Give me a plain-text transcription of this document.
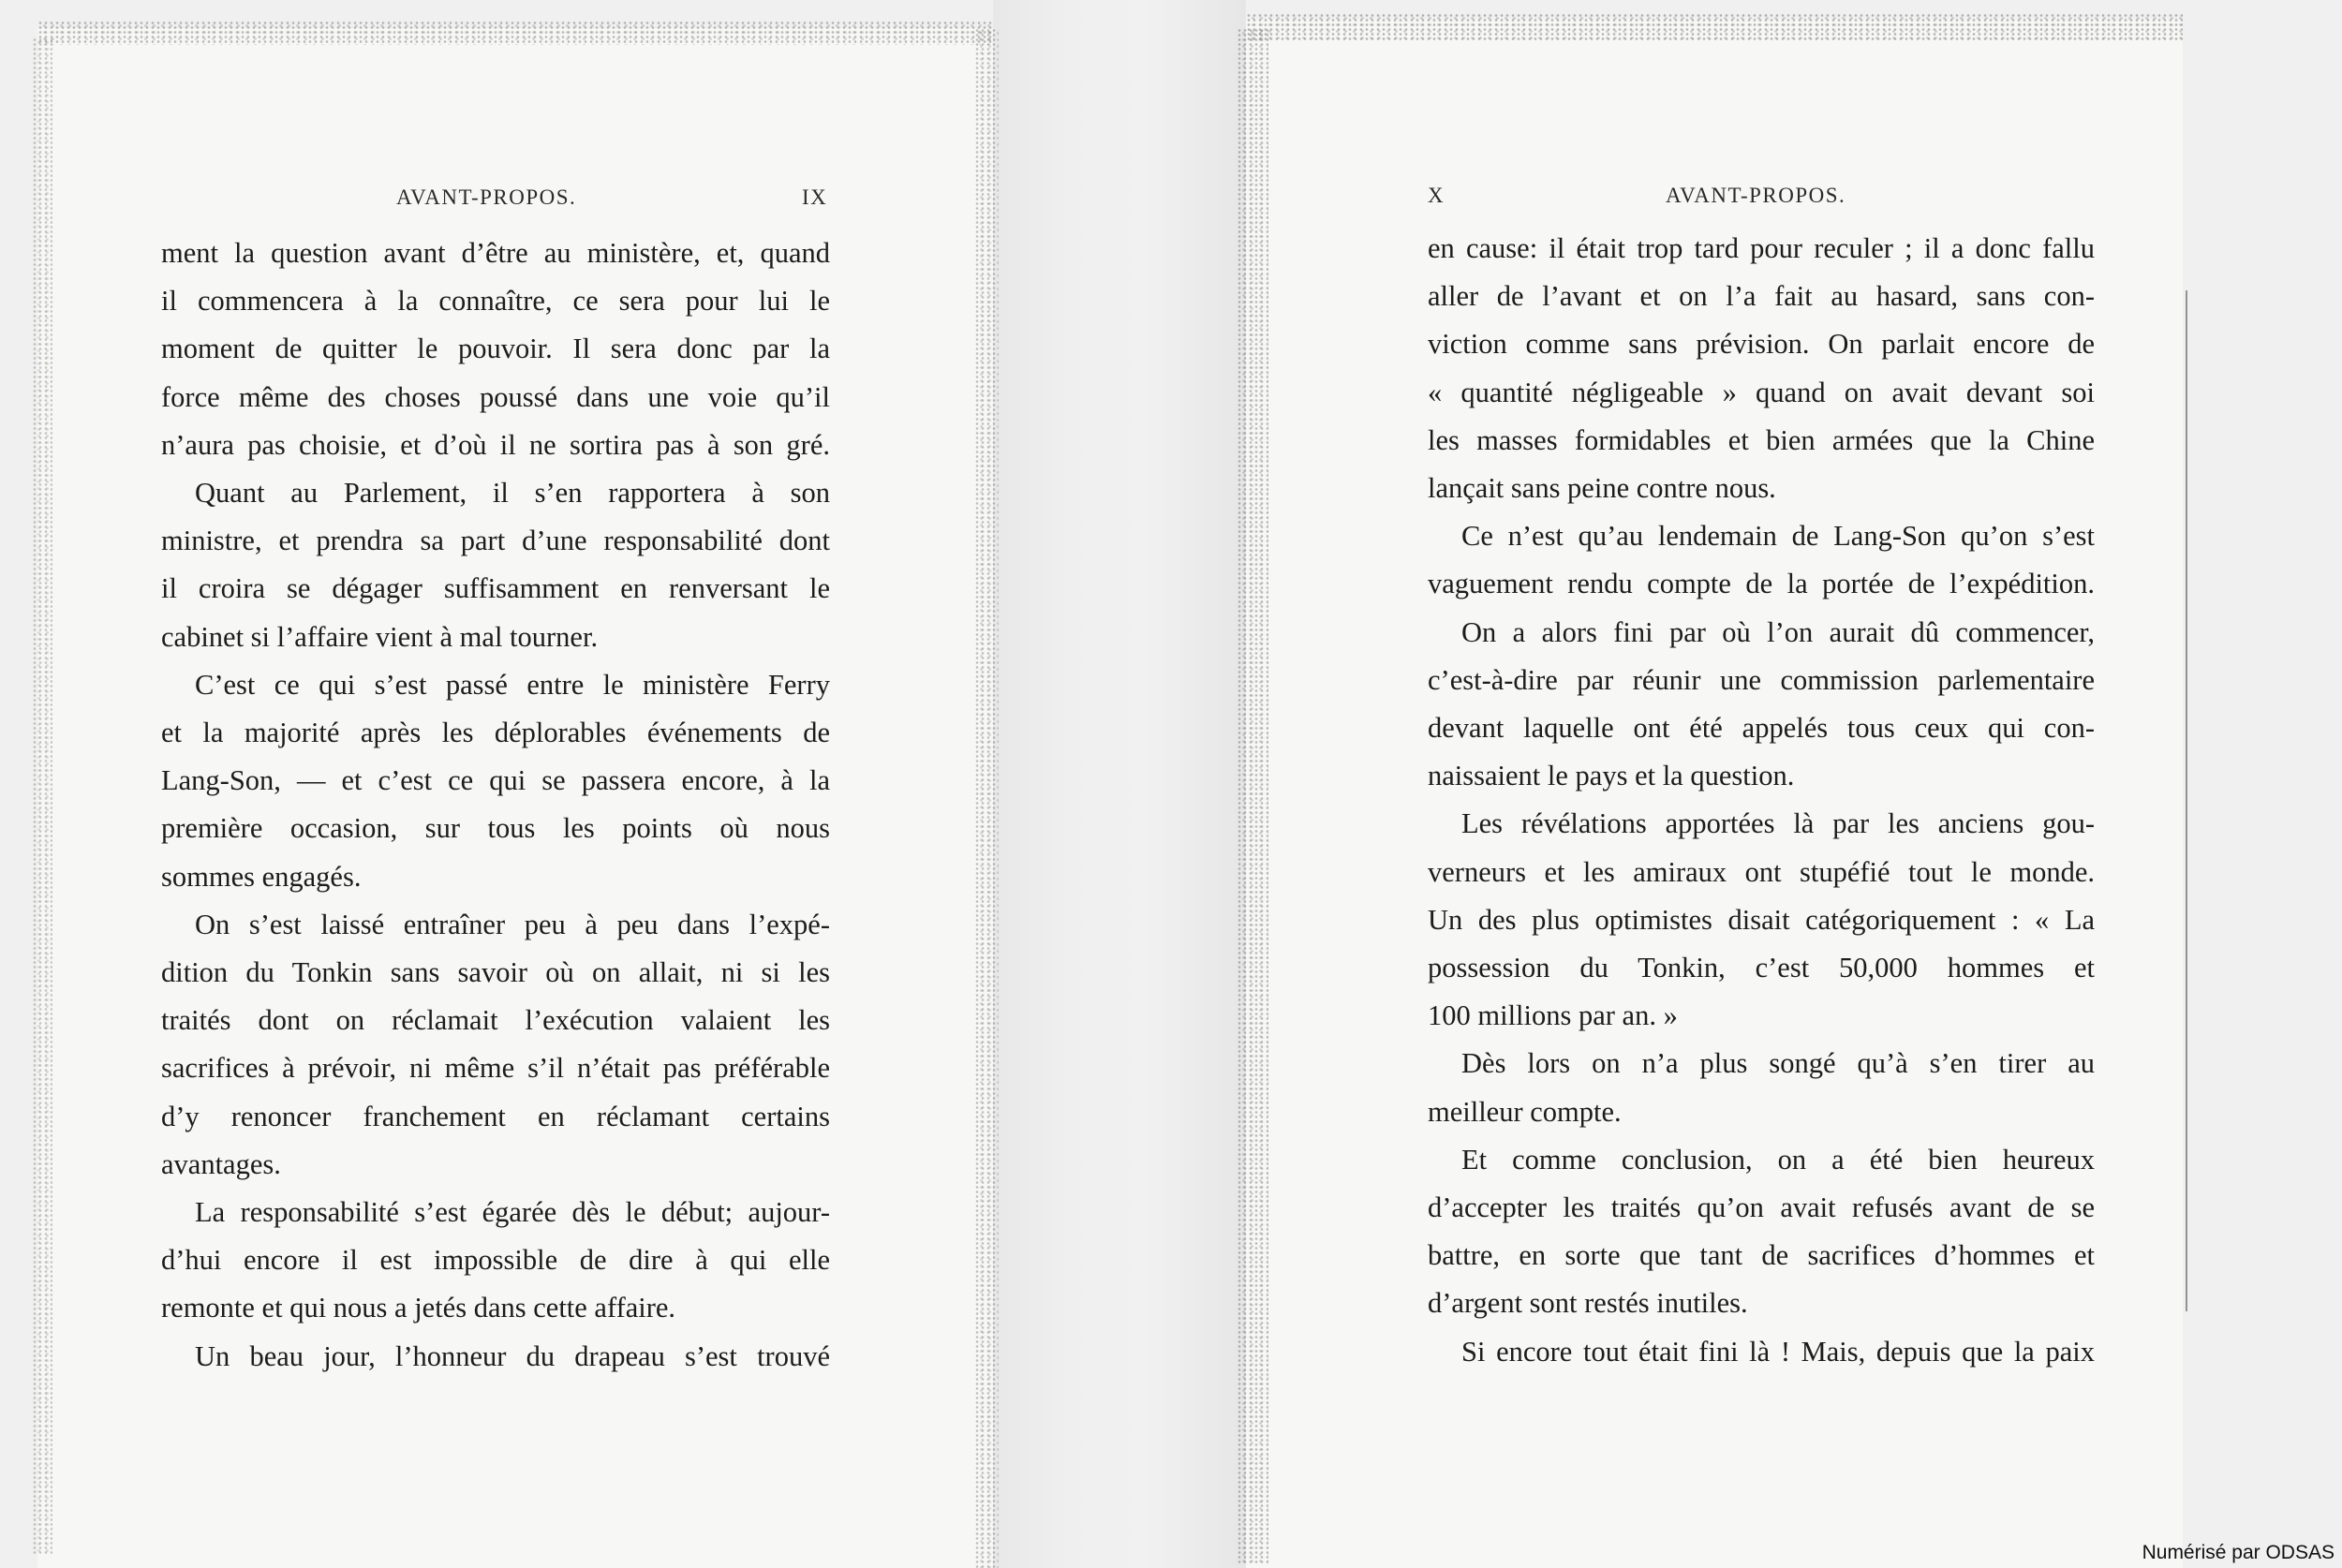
AVANT-PROPOS.	IX	X	AVANT-PROPOS.
ment la question avant d’être au ministère, et, quand
il commencera à la connaître, ce sera pour lui le
moment de quitter le pouvoir. Il sera donc par la
force même des choses poussé dans une voie qu’il
n’aura pas choisie, et d’où il ne sortira pas à son gré.
Quant au Parlement, il s’en rapportera à son
ministre, et prendra sa part d’une responsabilité dont
il croira se dégager suffisamment en renversant le
cabinet si l’affaire vient à mal tourner.
C’est ce qui s’est passé entre le ministère Ferry
et la majorité après les déplorables événements de
Lang-Son, — et c’est ce qui se passera encore, à la
première occasion, sur tous les points où nous
sommes engagés.
On s’est laissé entraîner peu à peu dans l’expé-
dition du Tonkin sans savoir où on allait, ni si les
traités dont on réclamait l’exécution valaient les
sacrifices à prévoir, ni même s’il n’était pas préférable
d’y renoncer franchement en réclamant certains
avantages.
La responsabilité s’est égarée dès le début; aujour-
d’hui encore il est impossible de dire à qui elle
remonte et qui nous a jetés dans cette affaire.
Un beau jour, l’honneur du drapeau s’est trouvé
en cause: il était trop tard pour reculer ; il a donc fallu
aller de l’avant et on l’a fait au hasard, sans con-
viction comme sans prévision. On parlait encore de
« quantité négligeable » quand on avait devant soi
les masses formidables et bien armées que la Chine
lançait sans peine contre nous.
Ce n’est qu’au lendemain de Lang-Son qu’on s’est
vaguement rendu compte de la portée de l’expédition.
On a alors fini par où l’on aurait dû commencer,
c’est-à-dire par réunir une commission parlementaire
devant laquelle ont été appelés tous ceux qui con-
naissaient le pays et la question.
Les révélations apportées là par les anciens gou-
verneurs et les amiraux ont stupéfié tout le monde.
Un des plus optimistes disait catégoriquement : « La
possession du Tonkin, c’est 50,000 hommes et
100 millions par an. »
Dès lors on n’a plus songé qu’à s’en tirer au
meilleur compte.
Et comme conclusion, on a été bien heureux
d’accepter les traités qu’on avait refusés avant de se
battre, en sorte que tant de sacrifices d’hommes et
d’argent sont restés inutiles.
Si encore tout était fini là ! Mais, depuis que la paix
Numérisé par ODSAS
